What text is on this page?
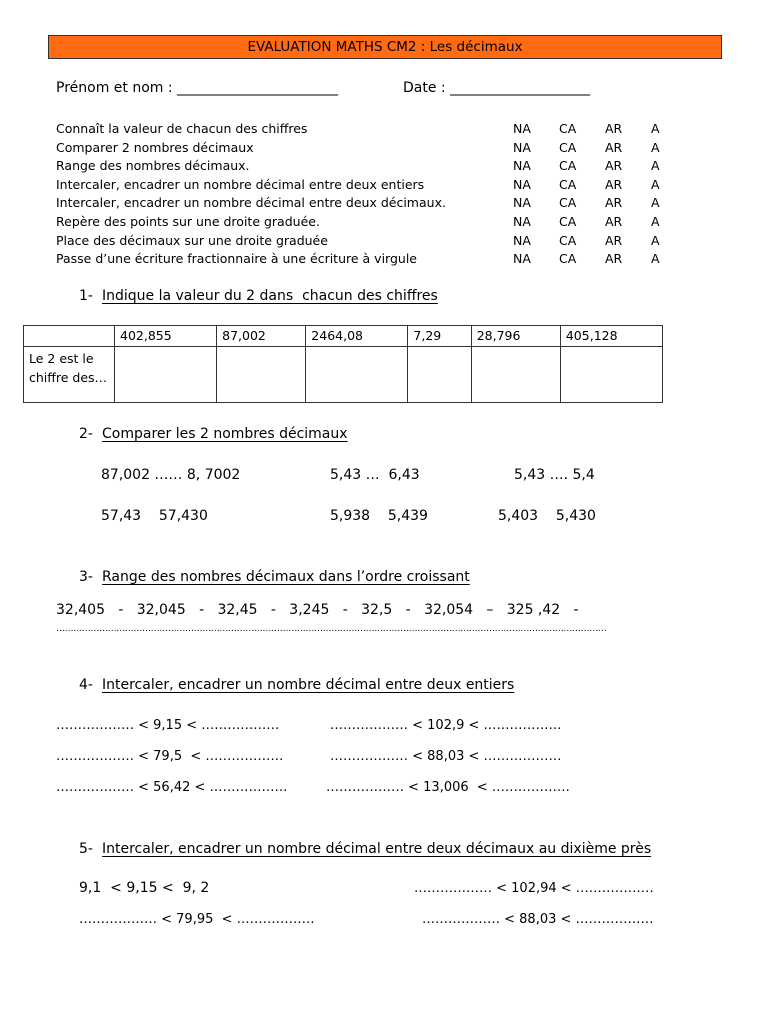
EVALUATION MATHS CM2 : Les décimaux
Prénom et nom : _______________________	Date : ____________________
Connaît la valeur de chacun des chiffres	NA CA AR A
Comparer 2 nombres décimaux	NA CA AR A
Range des nombres décimaux.	NA CA AR A
Intercaler, encadrer un nombre décimal entre deux entiers	NA CA AR A
Intercaler, encadrer un nombre décimal entre deux décimaux.	NA CA AR A
Repère des points sur une droite graduée.	NA CA AR A
Place des décimaux sur une droite graduée	NA CA AR A
Passe d’une écriture fractionnaire à une écriture à virgule	NA CA AR A
1- Indique la valeur du 2 dans  chacun des chiffres
	402,855	87,002	2464,08	7,29	28,796	405,128
Le 2 est le chiffre des…						
2- Comparer les 2 nombres décimaux
87,002 …… 8, 7002	5,43 …  6,43	5,43 …. 5,4
57,43    57,430	5,938    5,439	5,403    5,430
3- Range des nombres décimaux dans l’ordre croissant
32,405   -   32,045   -   32,45   -   3,245   -   32,5   -   32,054   –   325 ,42   -
…………………………………………………………………………………………………………………………………………………………………………
4- Intercaler, encadrer un nombre décimal entre deux entiers
……………… < 9,15 < ………………	……………… < 102,9 < ………………
……………… < 79,5  < ………………	……………… < 88,03 < ………………
……………… < 56,42 < ………………	……………… < 13,006  < ………………
5- Intercaler, encadrer un nombre décimal entre deux décimaux au dixième près
9,1  < 9,15 <  9, 2	……………… < 102,94 < ………………
……………… < 79,95  < ………………	……………… < 88,03 < ………………
